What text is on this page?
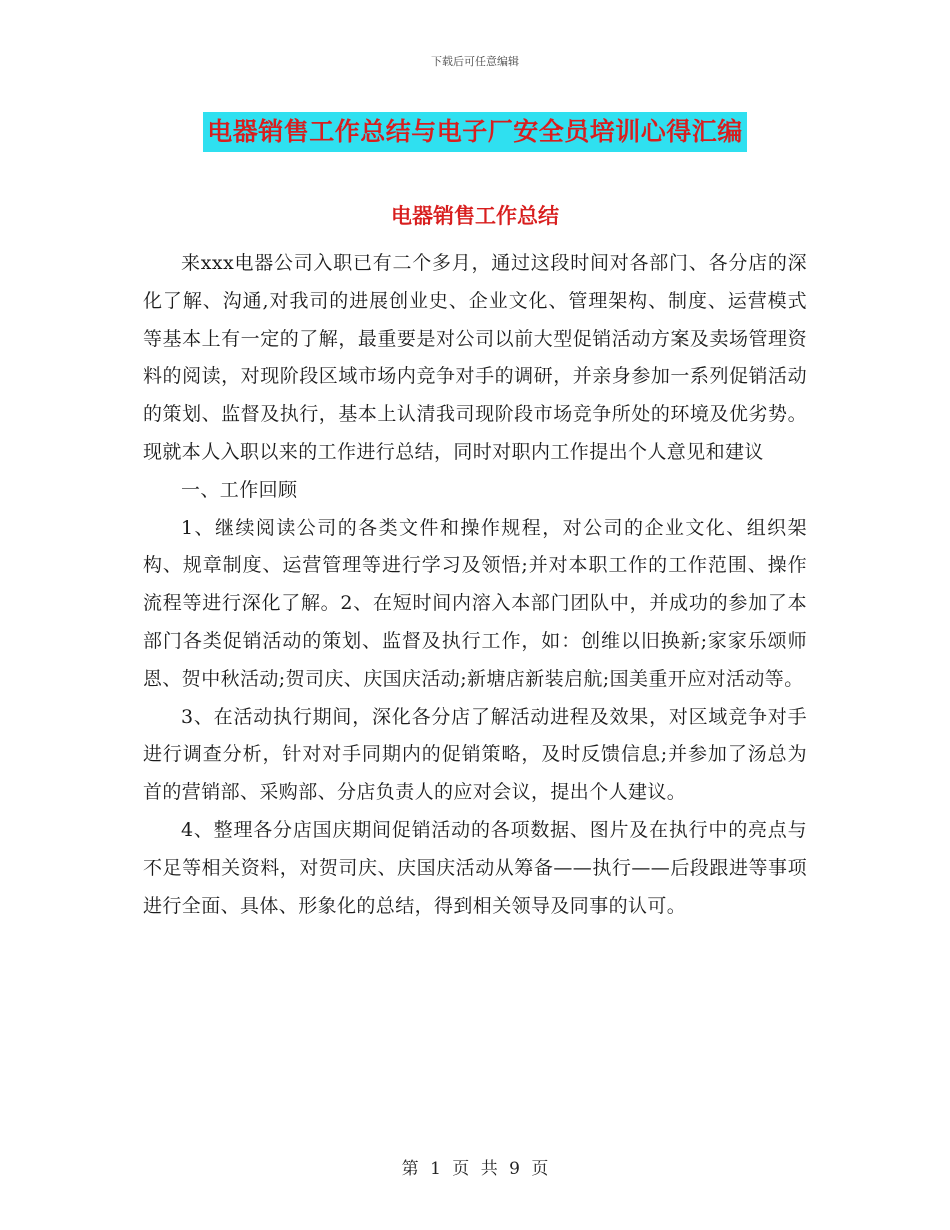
下载后可任意编辑
电器销售工作总结与电子厂安全员培训心得汇编
电器销售工作总结

来xxx电器公司入职已有二个多月，通过这段时间对各部门、各分店的深化了解、沟通,对我司的进展创业史、企业文化、管理架构、制度、运营模式等基本上有一定的了解，最重要是对公司以前大型促销活动方案及卖场管理资料的阅读，对现阶段区域市场内竞争对手的调研，并亲身参加一系列促销活动的策划、监督及执行，基本上认清我司现阶段市场竞争所处的环境及优劣势。现就本人入职以来的工作进行总结，同时对职内工作提出个人意见和建议

一、工作回顾

1、继续阅读公司的各类文件和操作规程，对公司的企业文化、组织架构、规章制度、运营管理等进行学习及领悟;并对本职工作的工作范围、操作流程等进行深化了解。2、在短时间内溶入本部门团队中，并成功的参加了本部门各类促销活动的策划、监督及执行工作，如：创维以旧换新;家家乐颂师恩、贺中秋活动;贺司庆、庆国庆活动;新塘店新装启航;国美重开应对活动等。

3、在活动执行期间，深化各分店了解活动进程及效果，对区域竞争对手进行调查分析，针对对手同期内的促销策略，及时反馈信息;并参加了汤总为首的营销部、采购部、分店负责人的应对会议，提出个人建议。

4、整理各分店国庆期间促销活动的各项数据、图片及在执行中的亮点与不足等相关资料，对贺司庆、庆国庆活动从筹备——执行——后段跟进等事项进行全面、具体、形象化的总结，得到相关领导及同事的认可。

第 1 页 共 9 页
